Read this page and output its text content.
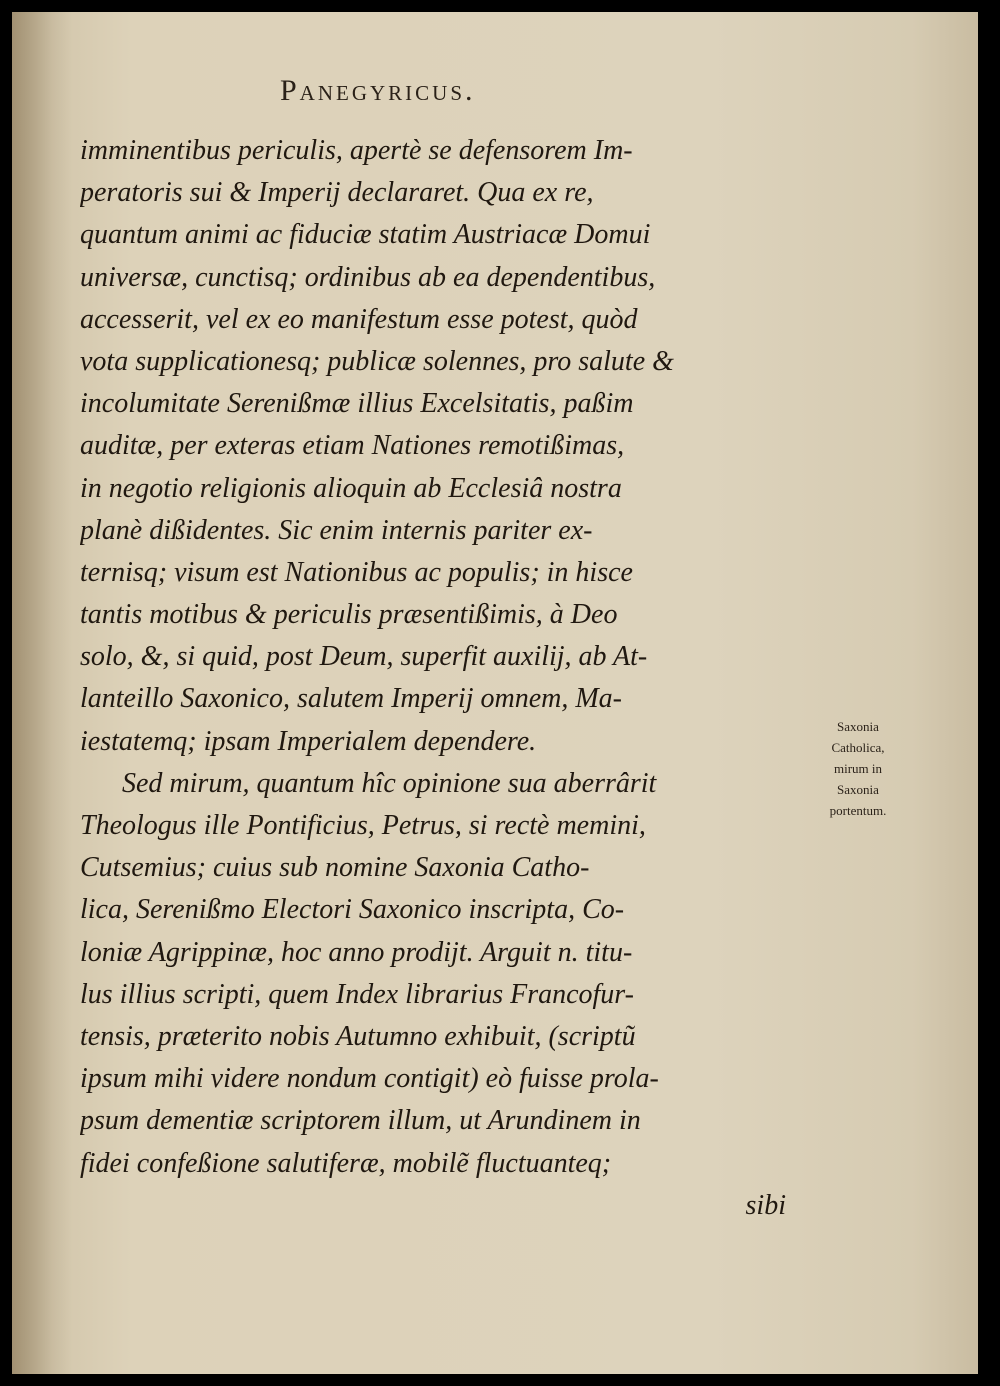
Panegyricus.
imminentibus periculis, apertè se defensorem Im-
peratoris sui & Imperij declararet. Qua ex re,
quantum animi ac fiduciæ statim Austriacæ Domui
universæ, cunctisq; ordinibus ab ea dependentibus,
accesserit, vel ex eo manifestum esse potest, quòd
vota supplicationesq; publicæ solennes, pro salute &
incolumitate Serenißmæ illius Excelsitatis, paßim
auditæ, per exteras etiam Nationes remotißimas,
in negotio religionis alioquin ab Ecclesiâ nostra
planè dißidentes. Sic enim internis pariter ex-
ternisq; visum est Nationibus ac populis; in hisce
tantis motibus & periculis præsentißimis, à Deo
solo, &, si quid, post Deum, superfit auxilij, ab At-
lanteillo Saxonico, salutem Imperij omnem, Ma-
iestatemq; ipsam Imperialem dependere.
Sed mirum, quantum hîc opinione sua aberrârit
Theologus ille Pontificius, Petrus, si rectè memini,
Cutsemius; cuius sub nomine Saxonia Catho-
lica, Serenißmo Electori Saxonico inscripta, Co-
loniæ Agrippinæ, hoc anno prodijt. Arguit n. titu-
lus illius scripti, quem Index librarius Francofur-
tensis, præterito nobis Autumno exhibuit, (scriptũ
ipsum mihi videre nondum contigit) eò fuisse prola-
psum dementiæ scriptorem illum, ut Arundinem in
fidei confeßione salutiferæ, mobilẽ fluctuanteq;
sibi
Saxonia
Catholica,
mirum in
Saxonia
portentum.
